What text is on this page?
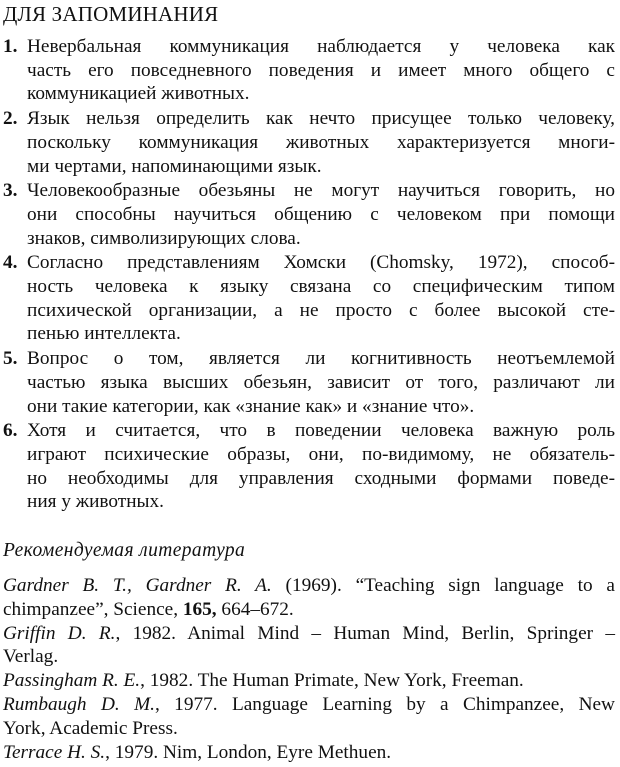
ДЛЯ ЗАПОМИНАНИЯ
1. Невербальная коммуникация наблюдается у человека как
часть его повседневного поведения и имеет много общего с
коммуникацией животных.
2. Язык нельзя определить как нечто присущее только человеку,
поскольку коммуникация животных характеризуется многи-
ми чертами, напоминающими язык.
3. Человекообразные обезьяны не могут научиться говорить, но
они способны научиться общению с человеком при помощи
знаков, символизирующих слова.
4. Согласно представлениям Хомски (Chomsky, 1972), способ-
ность человека к языку связана со специфическим типом
психической организации, а не просто с более высокой сте-
пенью интеллекта.
5. Вопрос о том, является ли когнитивность неотъемлемой
частью языка высших обезьян, зависит от того, различают ли
они такие категории, как «знание как» и «знание что».
6. Хотя и считается, что в поведении человека важную роль
играют психические образы, они, по-видимому, не обязатель-
но необходимы для управления сходными формами поведе-
ния у животных.
Рекомендуемая литература
Gardner B. T., Gardner R. A. (1969). “Teaching sign language to a
chimpanzee”, Science, 165, 664–672.
Griffin D. R., 1982. Animal Mind – Human Mind, Berlin, Springer –
Verlag.
Passingham R. E., 1982. The Human Primate, New York, Freeman.
Rumbaugh D. M., 1977. Language Learning by a Chimpanzee, New
York, Academic Press.
Terrace H. S., 1979. Nim, London, Eyre Methuen.
